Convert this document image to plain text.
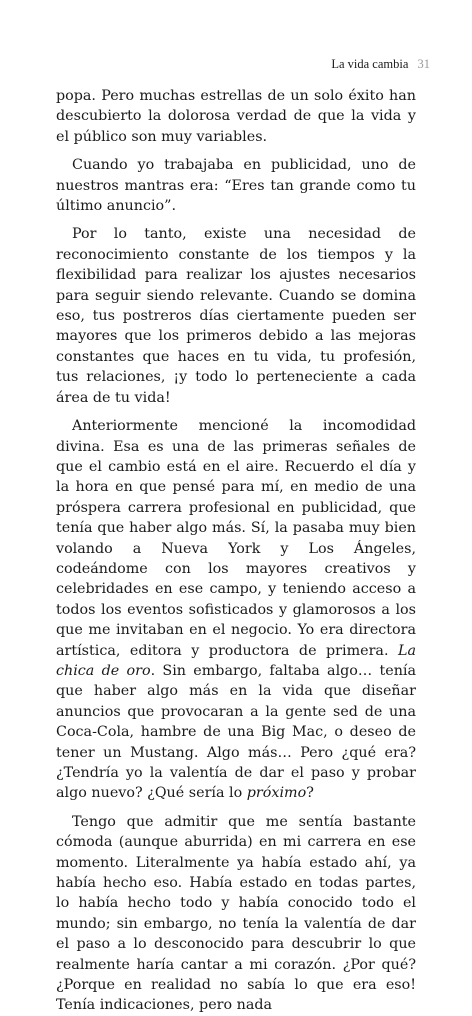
La vida cambia 31

popa. Pero muchas estrellas de un solo éxito han descubierto la dolorosa verdad de que la vida y el público son muy variables.

Cuando yo trabajaba en publicidad, uno de nuestros mantras era: “Eres tan grande como tu último anuncio”.

Por lo tanto, existe una necesidad de reconocimiento constante de los tiempos y la flexibilidad para realizar los ajustes necesarios para seguir siendo relevante. Cuando se domina eso, tus postreros días ciertamente pueden ser mayores que los primeros debido a las mejoras constantes que haces en tu vida, tu profesión, tus relaciones, ¡y todo lo perteneciente a cada área de tu vida!

Anteriormente mencioné la incomodidad divina. Esa es una de las primeras señales de que el cambio está en el aire. Recuerdo el día y la hora en que pensé para mí, en medio de una próspera carrera profesional en publicidad, que tenía que haber algo más. Sí, la pasaba muy bien volando a Nueva York y Los Ángeles, codeándome con los mayores creativos y celebridades en ese campo, y teniendo acceso a todos los eventos sofisticados y glamorosos a los que me invitaban en el negocio. Yo era directora artística, editora y productora de primera. La chica de oro. Sin embargo, faltaba algo… tenía que haber algo más en la vida que diseñar anuncios que provocaran a la gente sed de una Coca-Cola, hambre de una Big Mac, o deseo de tener un Mustang. Algo más… Pero ¿qué era? ¿Tendría yo la valentía de dar el paso y probar algo nuevo? ¿Qué sería lo próximo?

Tengo que admitir que me sentía bastante cómoda (aunque aburrida) en mi carrera en ese momento. Literalmente ya había estado ahí, ya había hecho eso. Había estado en todas partes, lo había hecho todo y había conocido todo el mundo; sin embargo, no tenía la valentía de dar el paso a lo desconocido para descubrir lo que realmente haría cantar a mi corazón. ¿Por qué? ¿Porque en realidad no sabía lo que era eso! Tenía indicaciones, pero nada
